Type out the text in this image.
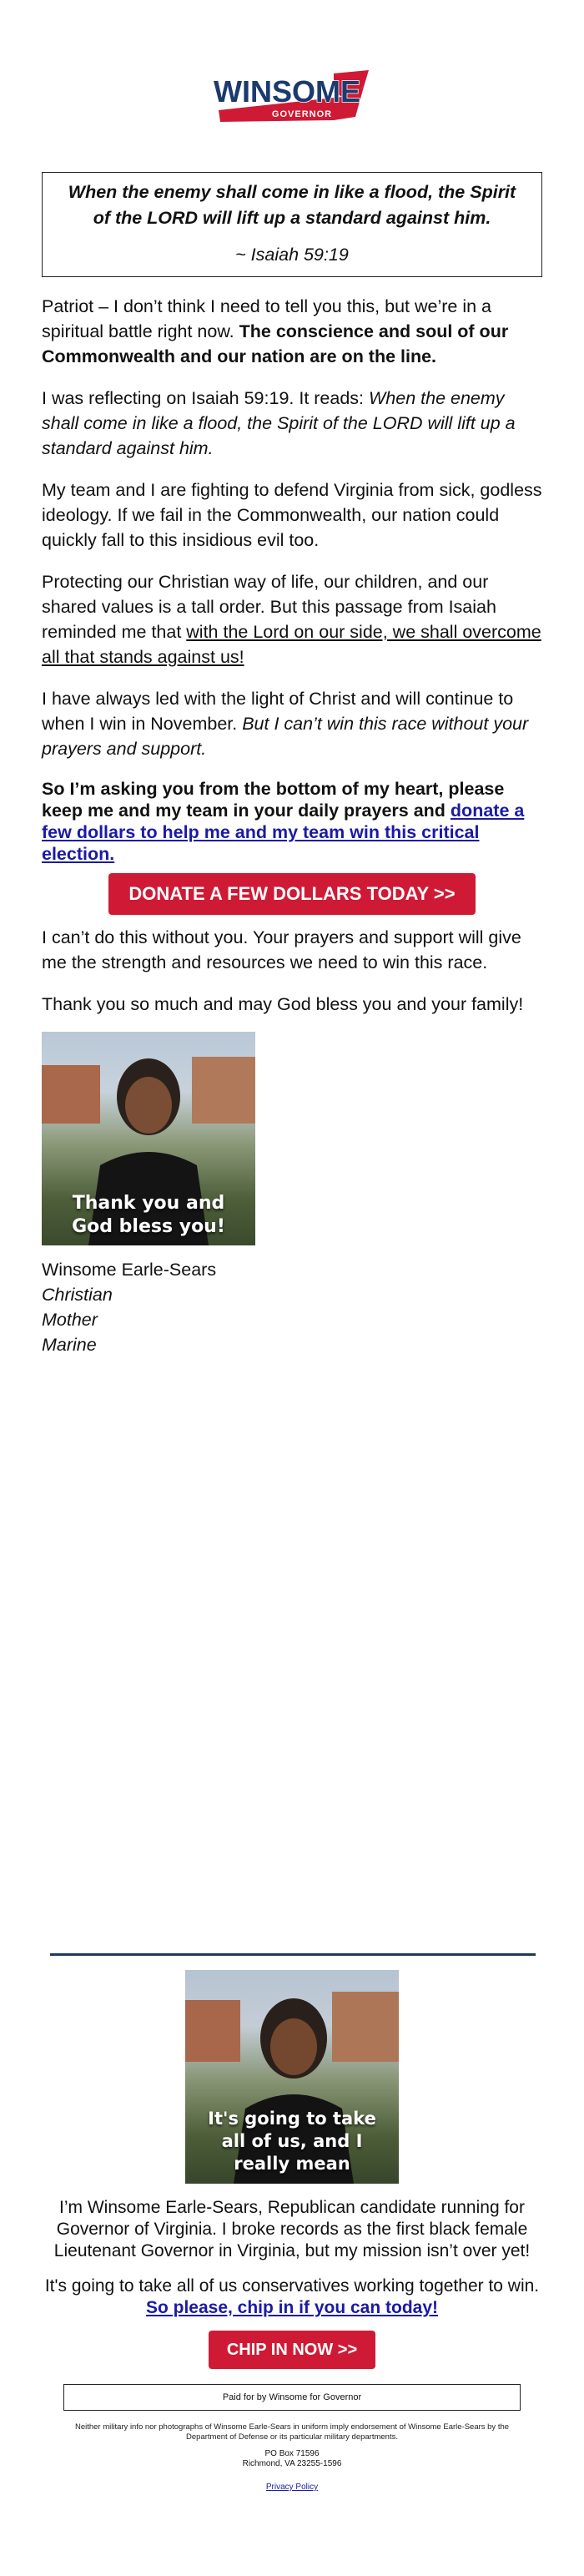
WINSOME
GOVERNOR
When the enemy shall come in like a flood, the Spirit of the LORD will lift up a standard against him.
~ Isaiah 59:19

Patriot – I don’t think I need to tell you this, but we’re in a spiritual battle right now. The conscience and soul of our Commonwealth and our nation are on the line.

I was reflecting on Isaiah 59:19. It reads: When the enemy shall come in like a flood, the Spirit of the LORD will lift up a standard against him.

My team and I are fighting to defend Virginia from sick, godless ideology. If we fail in the Commonwealth, our nation could quickly fall to this insidious evil too.

Protecting our Christian way of life, our children, and our shared values is a tall order. But this passage from Isaiah reminded me that with the Lord on our side, we shall overcome all that stands against us!

I have always led with the light of Christ and will continue to when I win in November. But I can’t win this race without your prayers and support.

So I’m asking you from the bottom of my heart, please keep me and my team in your daily prayers and donate a few dollars to help me and my team win this critical election.

DONATE A FEW DOLLARS TODAY >>

I can’t do this without you. Your prayers and support will give me the strength and resources we need to win this race.

Thank you so much and may God bless you and your family!

Thank you and God bless you!
Winsome Earle-Sears
Christian
Mother
Marine
It's going to take all of us, and I really mean

I’m Winsome Earle-Sears, Republican candidate running for Governor of Virginia. I broke records as the first black female Lieutenant Governor in Virginia, but my mission isn’t over yet!

It's going to take all of us conservatives working together to win. So please, chip in if you can today!

CHIP IN NOW >>
Paid for by Winsome for Governor
Neither military info nor photographs of Winsome Earle-Sears in uniform imply endorsement of Winsome Earle-Sears by the Department of Defense or its particular military departments.
PO Box 71596
Richmond, VA 23255-1596
Privacy Policy
